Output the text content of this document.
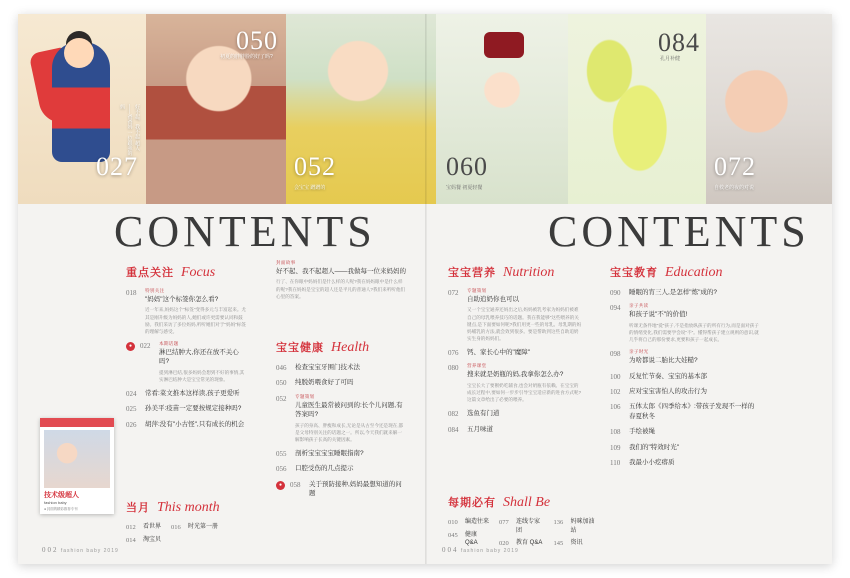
027
好不起、我不起 超人——爸爸妈 一位跟我的妈
050
初夏的胖胖脸的好了吗?
052
会宝宝 蹭蹭的
060
宝妈餐 初夏轻餐
084
孔月补健
072
自救老的夜的对说
CONTENTS	CONTENTS
重点关注 Focus
018	特别关注
"妈妈"这个标签你怎么看?
近一年来,妈妈这个"标签"变得多元与丰富起来。尤其是刚升级为妈妈的人,她们或许更需要认同和鼓励。我们采访了多位妈妈,听听她们对于"妈妈"标签的理解与感受。
●	022	本期话题
淋巴结肿大,你还在放不关心吗?
提到淋巴结,很多妈妈会想到不好的事情,其实淋巴结肿大是宝宝常见的现象。
024	常看:菜文推本这样读,孩子更爱听
025	孙美平:疫苗一定要按规定接种吗?
026	胡萍:没有"小古怪",只有成长的机会
封面故事
好不起、我不起超人——我做每一位来妈妈的
行了、在你眼中妈妈们是什么样的人呢?我在妈妈眼中是什么样的呢?我在妈妈是宝宝的超人还是平凡的普通人?我们来听听他们心里的答案。
宝宝健康 Health
046	检查宝宝牙围门技术法
050	纯脱奶喂食好了可吗
052	专题策划
儿童医生最常被问到的:长个儿问题,有答案吗?
孩子的身高、胖瘦和成长,无论是从古至今还是现在,都是父母特别关注的话题之一。所以,今天我们就来解一解影响孩子长高的关键因素。
055	剖析宝宝宝宝睡眠指南?
056	口腔受伤的几点提示
●	058	关于预防接种,妈妈最想知道的问题
当月 This month
012	看世界
014	淘宝贝
016	时光第一册
技术级超人
fashion baby
● 封面的精彩推荐专刊
宝宝营养 Nutrition
072	专题策划
自助追奶你也可以
又一个宝宝通养还妈出之后,妈妈被乳考家为妈妈们被难自己的母乳喂养技巧的话题。我在我能够"这些喂养的关键点,是下面要如何呢?我们用更一些的母乳。母乳期的妈妈哺乳的方法,就会效到很多。要是帮助到这些自助追奶实生身的妈妈们。
076	钙、家长心中的"魔障"
080	营养课堂
搜来就是奶瓶的妈,我拿你怎么办?
宝宝长大了要断奶吃辅食,也会对奶瓶有依赖。在宝宝的成长过程中,要如何一步步引导宝宝适应新的进食方式呢?这篇文章给出了必要的喂养。
082	选鱼有门道
084	五月味道
宝宝教育 Education
090	睡眠的宵三人,是怎样"炼"成的?
094	亲子共读
和孩子说"不"的价值!
听课无条件地"爱"孩子,不是指放纵孩子的所有行为,而是面对孩子的情绪变化,我们需要学会说"不"。懂得帮孩子建立规则的意识,就几乎将自己的那份要求,更要和孩子一起成长。
098	亲子时光
为啥都说二胎比大娃糙?
100	反复忙节奏、宝宝的基本部
102	应对宝宝害怕人的攻击行为
106	五体太郎《四季给本》:带孩子发现不一样的春夏秋冬
108	手绘被绳
109	我们的"特效时光"
110	我最小小疙瘩质
每期必有 Shall Be
010	编造往来
045	健康 Q&A
077	连线专家团
020	教育 Q&A
136	妈咪加油站
145	资讯
002 fashion baby 2019	004 fashion baby 2019
